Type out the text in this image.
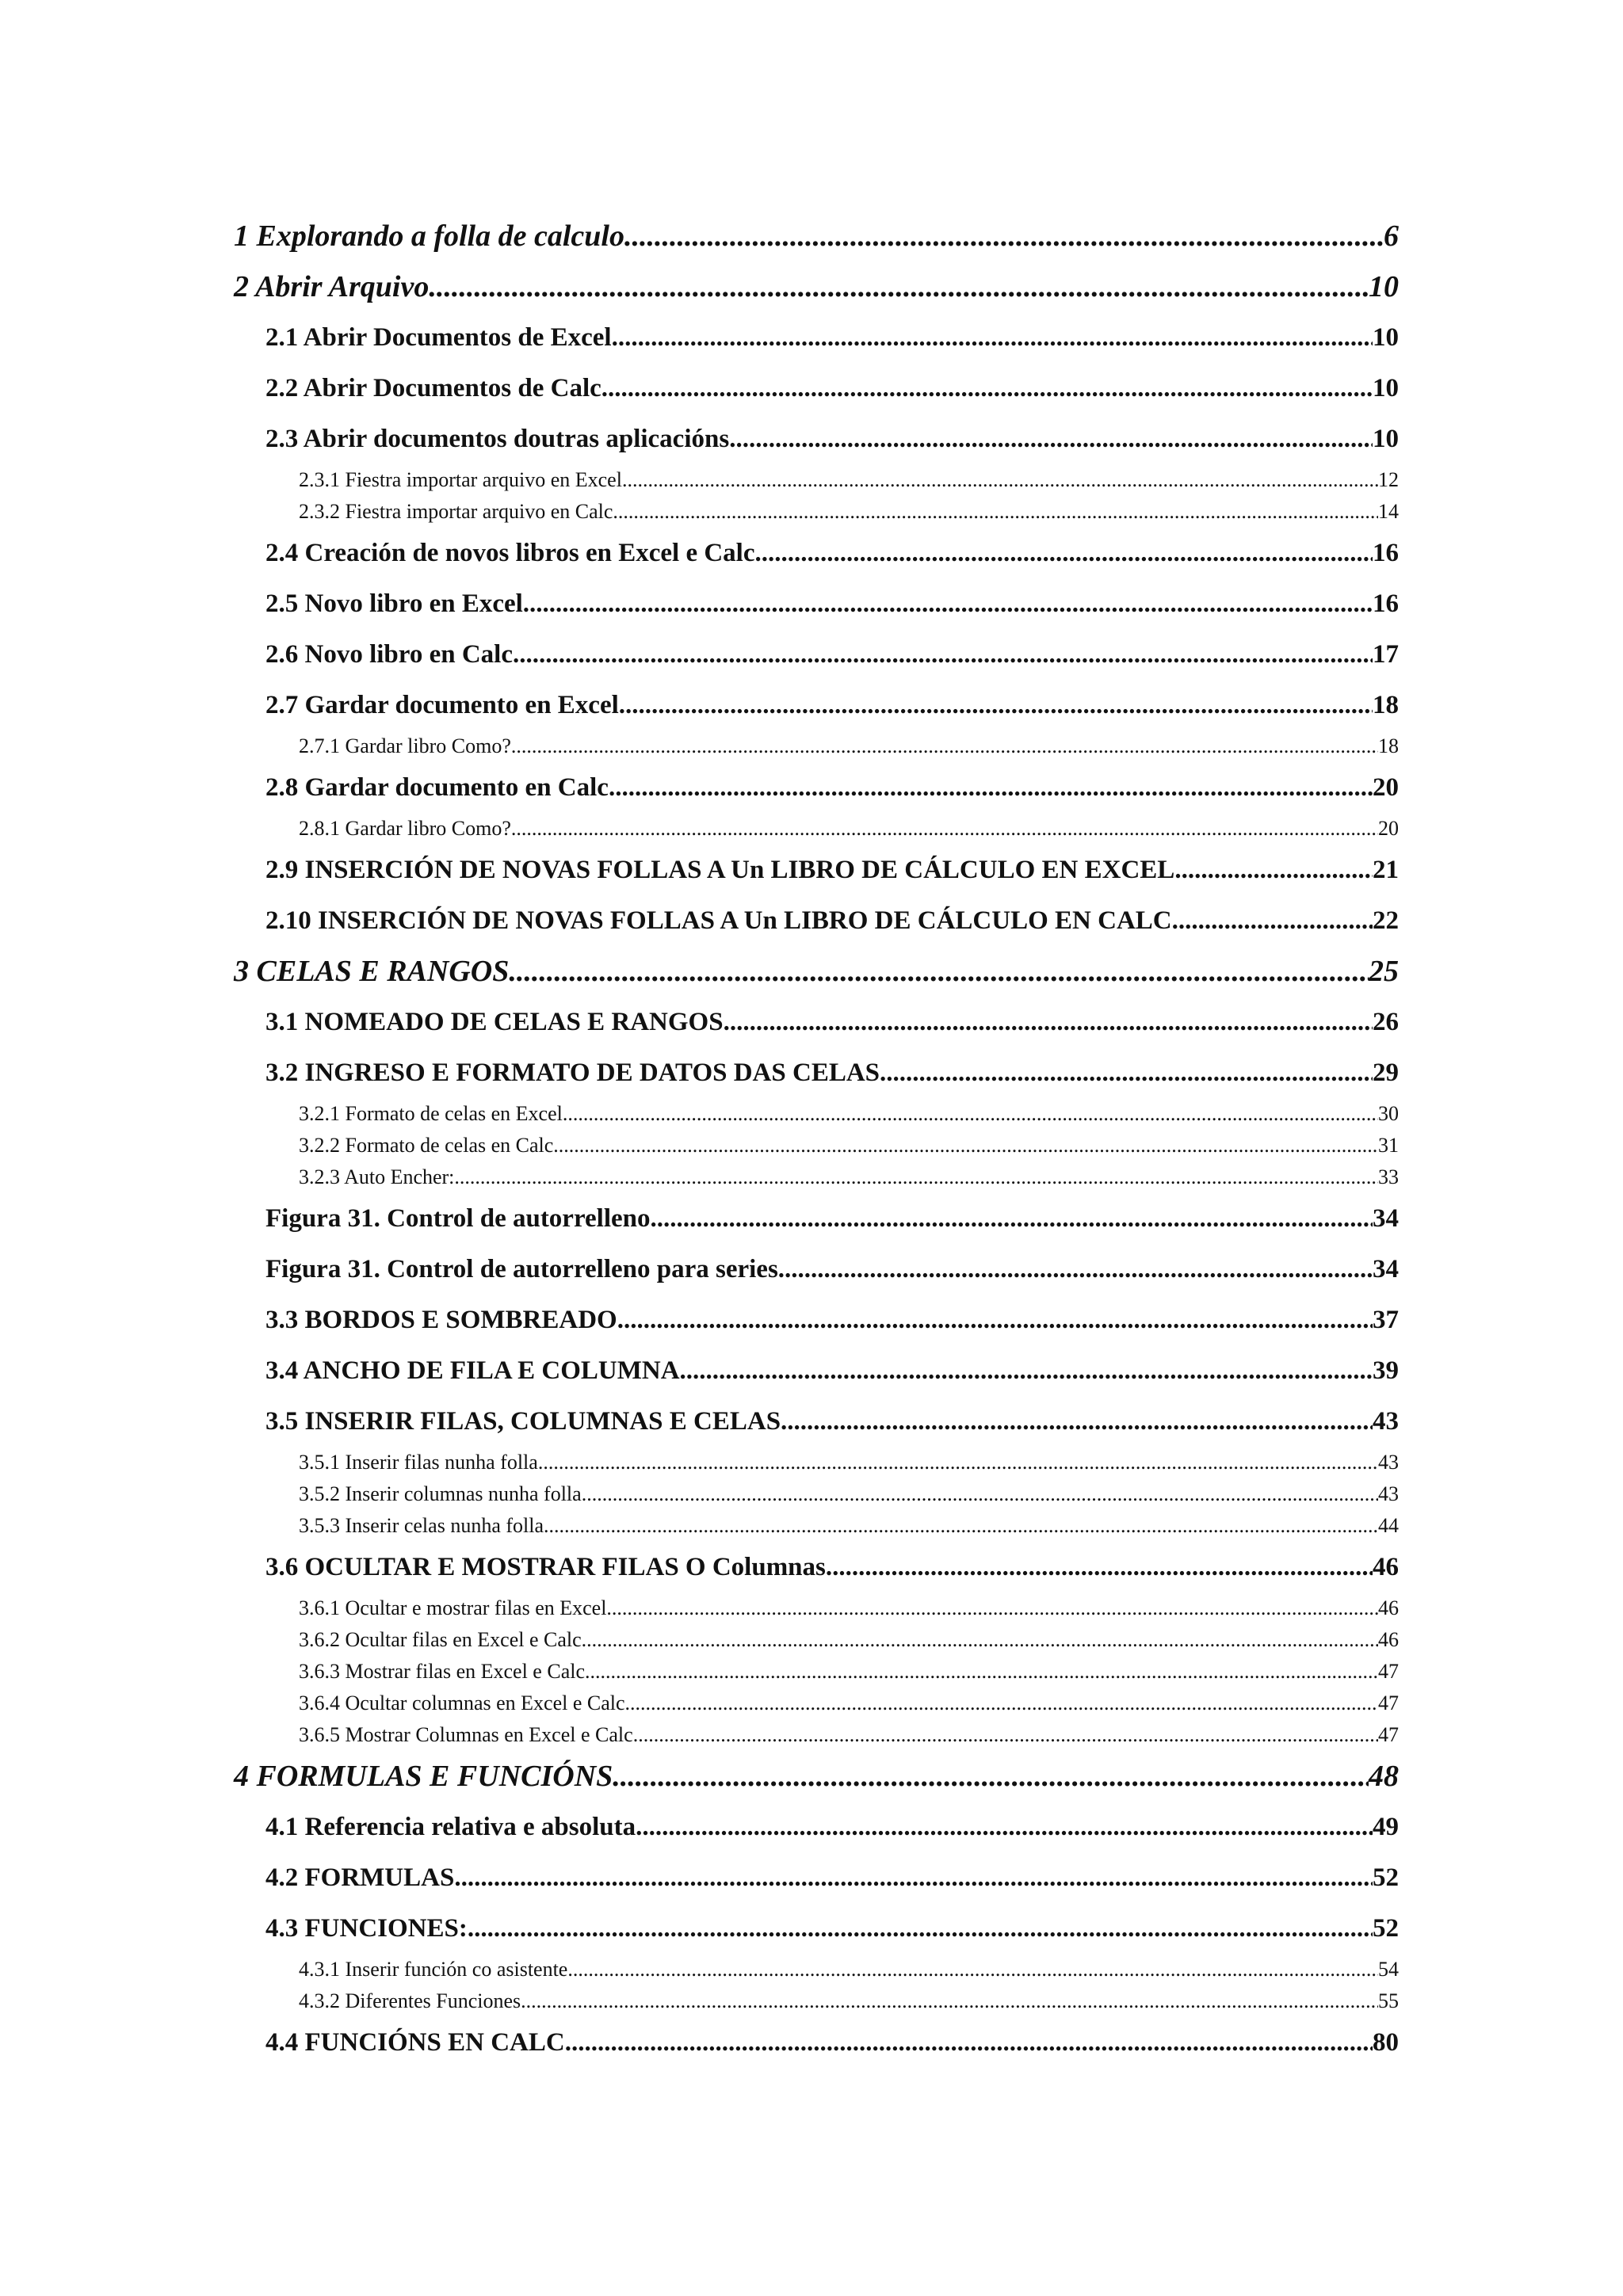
1 Explorando a folla de calculo .....	6
2 Abrir Arquivo .....	10
2.1 Abrir Documentos de Excel .....	10
2.2 Abrir Documentos de Calc .....	10
2.3 Abrir documentos doutras aplicacións .....	10
2.3.1 Fiestra importar arquivo en Excel .....	12
2.3.2 Fiestra importar arquivo en Calc .....	14
2.4 Creación de novos libros en Excel e Calc .....	16
2.5 Novo libro en Excel .....	16
2.6 Novo libro en Calc .....	17
2.7 Gardar documento en Excel .....	18
2.7.1 Gardar libro Como? .....	18
2.8 Gardar documento en Calc .....	20
2.8.1 Gardar libro Como? .....	20
2.9 INSERCIÓN DE NOVAS FOLLAS A Un LIBRO DE CÁLCULO EN EXCEL .....	21
2.10 INSERCIÓN DE NOVAS FOLLAS A Un LIBRO DE CÁLCULO EN CALC .....	22
3 CELAS E RANGOS .....	25
3.1 NOMEADO DE CELAS E RANGOS .....	26
3.2 INGRESO E FORMATO DE DATOS DAS CELAS .....	29
3.2.1 Formato de celas en Excel .....	30
3.2.2 Formato de celas en Calc .....	31
3.2.3 Auto Encher: .....	33
Figura 31. Control de autorrelleno .....	34
Figura 31. Control de autorrelleno para series .....	34
3.3 BORDOS E SOMBREADO .....	37
3.4 ANCHO DE FILA E COLUMNA .....	39
3.5 INSERIR FILAS, COLUMNAS E CELAS .....	43
3.5.1 Inserir filas nunha folla .....	43
3.5.2 Inserir columnas nunha folla .....	43
3.5.3 Inserir celas nunha folla .....	44
3.6 OCULTAR E MOSTRAR FILAS O Columnas .....	46
3.6.1 Ocultar e mostrar filas en Excel .....	46
3.6.2 Ocultar filas en Excel e Calc .....	46
3.6.3 Mostrar filas en Excel e Calc .....	47
3.6.4 Ocultar columnas en Excel e Calc .....	47
3.6.5 Mostrar Columnas en Excel e Calc .....	47
4 FORMULAS E FUNCIÓNS .....	48
4.1 Referencia relativa e absoluta .....	49
4.2 FORMULAS .....	52
4.3 FUNCIONES: .....	52
4.3.1 Inserir función co asistente .....	54
4.3.2 Diferentes Funciones .....	55
4.4 FUNCIÓNS EN CALC .....	80
